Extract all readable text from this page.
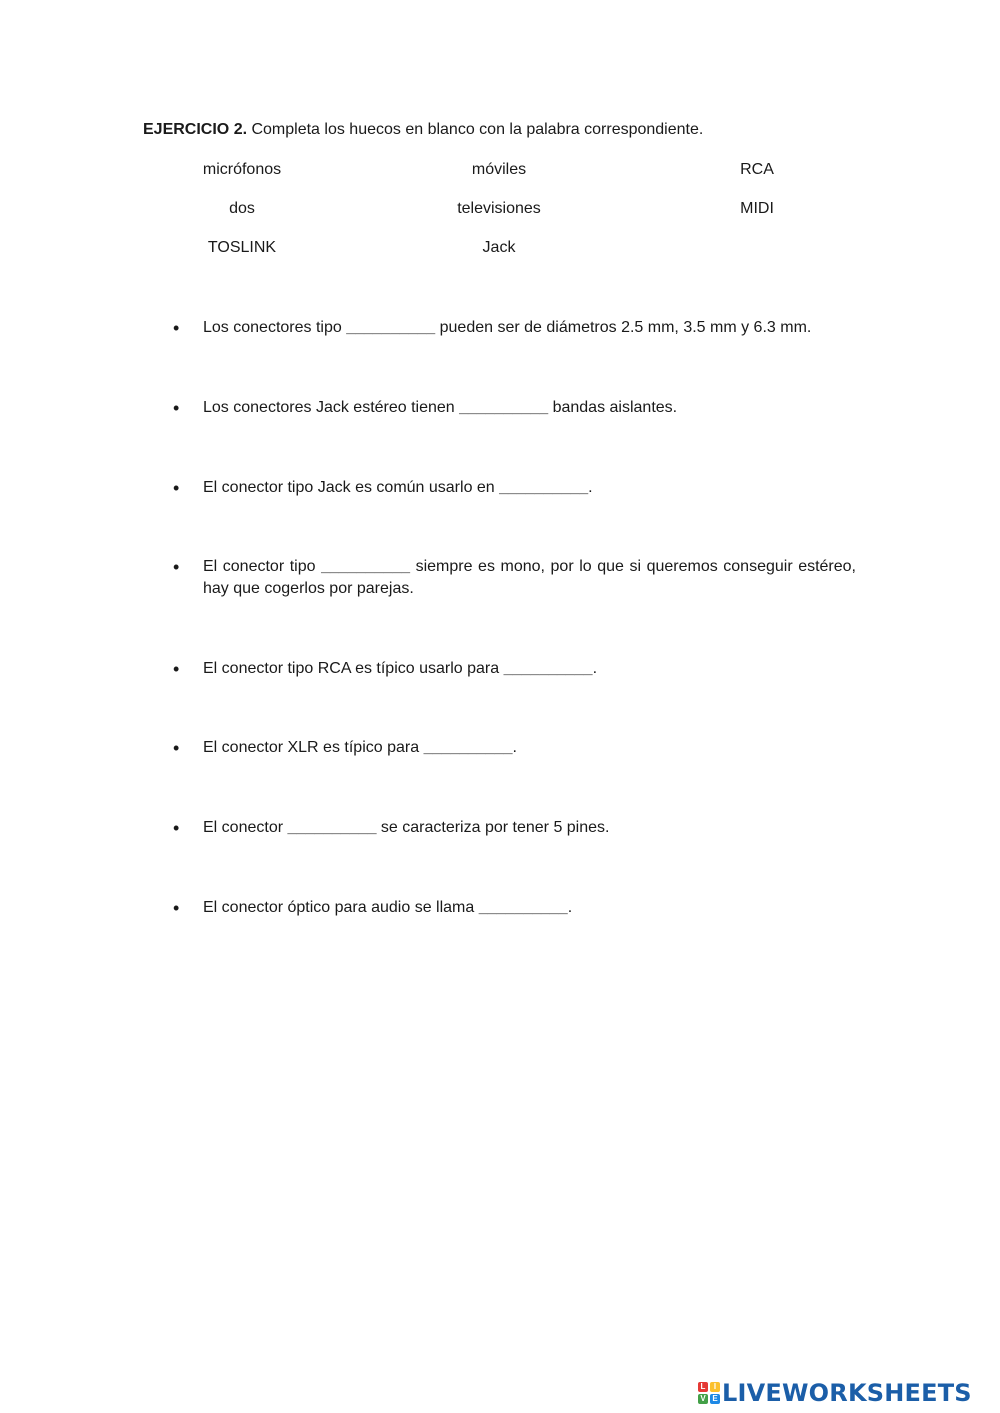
EJERCICIO 2. Completa los huecos en blanco con la palabra correspondiente.
micrófonos	móviles	RCA
dos	televisiones	MIDI
TOSLINK	Jack
• Los conectores tipo __________ pueden ser de diámetros 2.5 mm, 3.5 mm y 6.3 mm.
• Los conectores Jack estéreo tienen __________ bandas aislantes.
• El conector tipo Jack es común usarlo en __________.
• El conector tipo __________ siempre es mono, por lo que si queremos conseguir estéreo, hay que cogerlos por parejas.
• El conector tipo RCA es típico usarlo para __________.
• El conector XLR es típico para __________.
• El conector __________ se caracteriza por tener 5 pines.
• El conector óptico para audio se llama __________.
L	I
V E LIVEWORKSHEETS
